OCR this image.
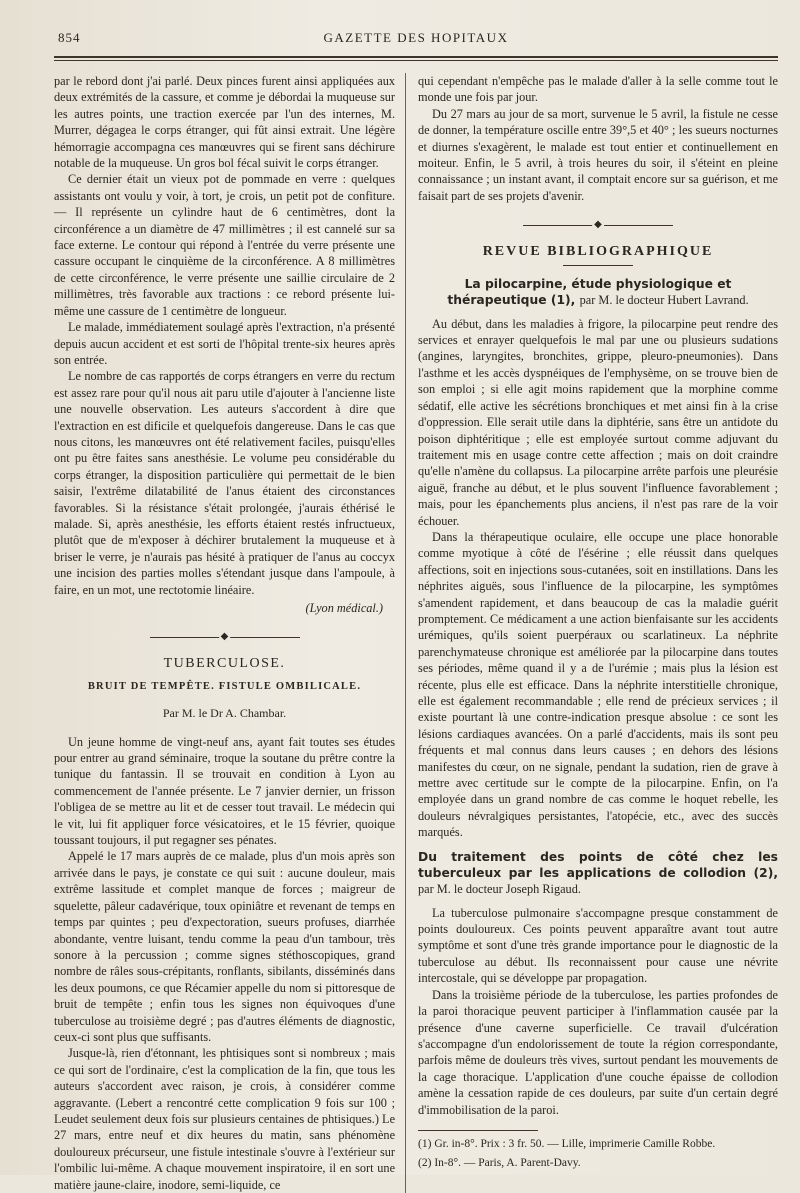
854	GAZETTE DES HOPITAUX

par le rebord dont j'ai parlé. Deux pinces furent ainsi appliquées aux deux extrémités de la cassure, et comme je débordai la muqueuse sur les autres points, une traction exercée par l'un des internes, M. Murrer, dégagea le corps étranger, qui fût ainsi extrait. Une légère hémorragie accompagna ces manœuvres qui se firent sans déchirure notable de la muqueuse. Un gros bol fécal suivit le corps étranger.

Ce dernier était un vieux pot de pommade en verre : quelques assistants ont voulu y voir, à tort, je crois, un petit pot de confiture. — Il représente un cylindre haut de 6 centimètres, dont la circonférence a un diamètre de 47 millimètres ; il est cannelé sur sa face externe. Le contour qui répond à l'entrée du verre présente une cassure occupant le cinquième de la circonférence. A 8 millimètres de cette circonférence, le verre présente une saillie circulaire de 2 millimètres, très favorable aux tractions : ce rebord présente lui-même une cassure de 1 centimètre de longueur.

Le malade, immédiatement soulagé après l'extraction, n'a présenté depuis aucun accident et est sorti de l'hôpital trente-six heures après son entrée.

Le nombre de cas rapportés de corps étrangers en verre du rectum est assez rare pour qu'il nous ait paru utile d'ajouter à l'ancienne liste une nouvelle observation. Les auteurs s'accordent à dire que l'extraction en est dificile et quelquefois dangereuse. Dans le cas que nous citons, les manœuvres ont été relativement faciles, puisqu'elles ont pu être faites sans anesthésie. Le volume peu considérable du corps étranger, la disposition particulière qui permettait de le bien saisir, l'extrême dilatabilité de l'anus étaient des circonstances favorables. Si la résistance s'était prolongée, j'aurais éthérisé le malade. Si, après anesthésie, les efforts étaient restés infructueux, plutôt que de m'exposer à déchirer brutalement la muqueuse et à briser le verre, je n'aurais pas hésité à pratiquer de l'anus au coccyx une incision des parties molles s'étendant jusque dans l'ampoule, à faire, en un mot, une rectotomie linéaire.

(Lyon médical.)
◆
TUBERCULOSE.
BRUIT DE TEMPÊTE. FISTULE OMBILICALE.
Par M. le Dr A. Chambar.

Un jeune homme de vingt-neuf ans, ayant fait toutes ses études pour entrer au grand séminaire, troque la soutane du prêtre contre la tunique du fantassin. Il se trouvait en condition à Lyon au commencement de l'année présente. Le 7 janvier dernier, un frisson l'obligea de se mettre au lit et de cesser tout travail. Le médecin qui le vit, lui fit appliquer force vésicatoires, et le 15 février, quoique toussant toujours, il put regagner ses pénates.

Appelé le 17 mars auprès de ce malade, plus d'un mois après son arrivée dans le pays, je constate ce qui suit : aucune douleur, mais extrême lassitude et complet manque de forces ; maigreur de squelette, pâleur cadavérique, toux opiniâtre et revenant de temps en temps par quintes ; peu d'expectoration, sueurs profuses, diarrhée abondante, ventre luisant, tendu comme la peau d'un tambour, très sonore à la percussion ; comme signes stéthoscopiques, grand nombre de râles sous-crépitants, ronflants, sibilants, disséminés dans les deux poumons, ce que Récamier appelle du nom si pittoresque de bruit de tempête ; enfin tous les signes non équivoques d'une tuberculose au troisième degré ; pas d'autres éléments de diagnostic, ceux-ci sont plus que suffisants.

Jusque-là, rien d'étonnant, les phtisiques sont si nombreux ; mais ce qui sort de l'ordinaire, c'est la complication de la fin, que tous les auteurs s'accordent avec raison, je crois, à considérer comme aggravante. (Lebert a rencontré cette complication 9 fois sur 100 ; Leudet seulement deux fois sur plusieurs centaines de phtisiques.) Le 27 mars, entre neuf et dix heures du matin, sans phénomène douloureux précurseur, une fistule intestinale s'ouvre à l'extérieur sur l'ombilic lui-même. A chaque mouvement inspiratoire, il en sort une matière jaune-claire, inodore, semi-liquide, ce

qui cependant n'empêche pas le malade d'aller à la selle comme tout le monde une fois par jour.

Du 27 mars au jour de sa mort, survenue le 5 avril, la fistule ne cesse de donner, la température oscille entre 39°,5 et 40° ; les sueurs nocturnes et diurnes s'exagèrent, le malade est tout entier et continuellement en moiteur. Enfin, le 5 avril, à trois heures du soir, il s'éteint en pleine connaissance ; un instant avant, il comptait encore sur sa guérison, et me faisait part de ses projets d'avenir.

◆
REVUE BIBLIOGRAPHIQUE
La pilocarpine, étude physiologique et thérapeutique (1), par M. le docteur Hubert Lavrand.

Au début, dans les maladies à frigore, la pilocarpine peut rendre des services et enrayer quelquefois le mal par une ou plusieurs sudations (angines, laryngites, bronchites, grippe, pleuro-pneumonies). Dans l'asthme et les accès dyspnéiques de l'emphysème, on se trouve bien de son emploi ; si elle agit moins rapidement que la morphine comme sédatif, elle active les sécrétions bronchiques et met ainsi fin à la crise d'oppression. Elle serait utile dans la diphtérie, sans être un antidote du poison diphtéritique ; elle est employée surtout comme adjuvant du traitement mis en usage contre cette affection ; mais on doit craindre qu'elle n'amène du collapsus. La pilocarpine arrête parfois une pleurésie aiguë, franche au début, et le plus souvent l'influence favorablement ; mais, pour les épanchements plus anciens, il n'est pas rare de la voir échouer.

Dans la thérapeutique oculaire, elle occupe une place honorable comme myotique à côté de l'ésérine ; elle réussit dans quelques affections, soit en injections sous-cutanées, soit en instillations. Dans les néphrites aiguës, sous l'influence de la pilocarpine, les symptômes s'amendent rapidement, et dans beaucoup de cas la maladie guérit promptement. Ce médicament a une action bienfaisante sur les accidents urémiques, qu'ils soient puerpéraux ou scarlatineux. La néphrite parenchymateuse chronique est améliorée par la pilocarpine dans toutes ses périodes, même quand il y a de l'urémie ; mais plus la lésion est récente, plus elle est efficace. Dans la néphrite interstitielle chronique, elle est également recommandable ; elle rend de précieux services ; il existe pourtant là une contre-indication presque absolue : ce sont les lésions cardiaques avancées. On a parlé d'accidents, mais ils sont peu fréquents et mal connus dans leurs causes ; en dehors des lésions manifestes du cœur, on ne signale, pendant la sudation, rien de grave à mettre avec certitude sur le compte de la pilocarpine. Enfin, on l'a employée dans un grand nombre de cas comme le hoquet rebelle, les douleurs névralgiques persistantes, l'atopécie, etc., avec des succès marqués.

Du traitement des points de côté chez les tuberculeux par les applications de collodion (2), par M. le docteur Joseph Rigaud.

La tuberculose pulmonaire s'accompagne presque constamment de points douloureux. Ces points peuvent apparaître avant tout autre symptôme et sont d'une très grande importance pour le diagnostic de la tuberculose au début. Ils reconnaissent pour cause une névrite intercostale, qui se développe par propagation.

Dans la troisième période de la tuberculose, les parties profondes de la paroi thoracique peuvent participer à l'inflammation causée par la présence d'une caverne superficielle. Ce travail d'ulcération s'accompagne d'un endolorissement de toute la région correspondante, parfois même de douleurs très vives, surtout pendant les mouvements de la cage thoracique. L'application d'une couche épaisse de collodion amène la cessation rapide de ces douleurs, par suite d'un certain degré d'immobilisation de la paroi.

(1) Gr. in-8°. Prix : 3 fr. 50. — Lille, imprimerie Camille Robbe.

(2) In-8°. — Paris, A. Parent-Davy.
